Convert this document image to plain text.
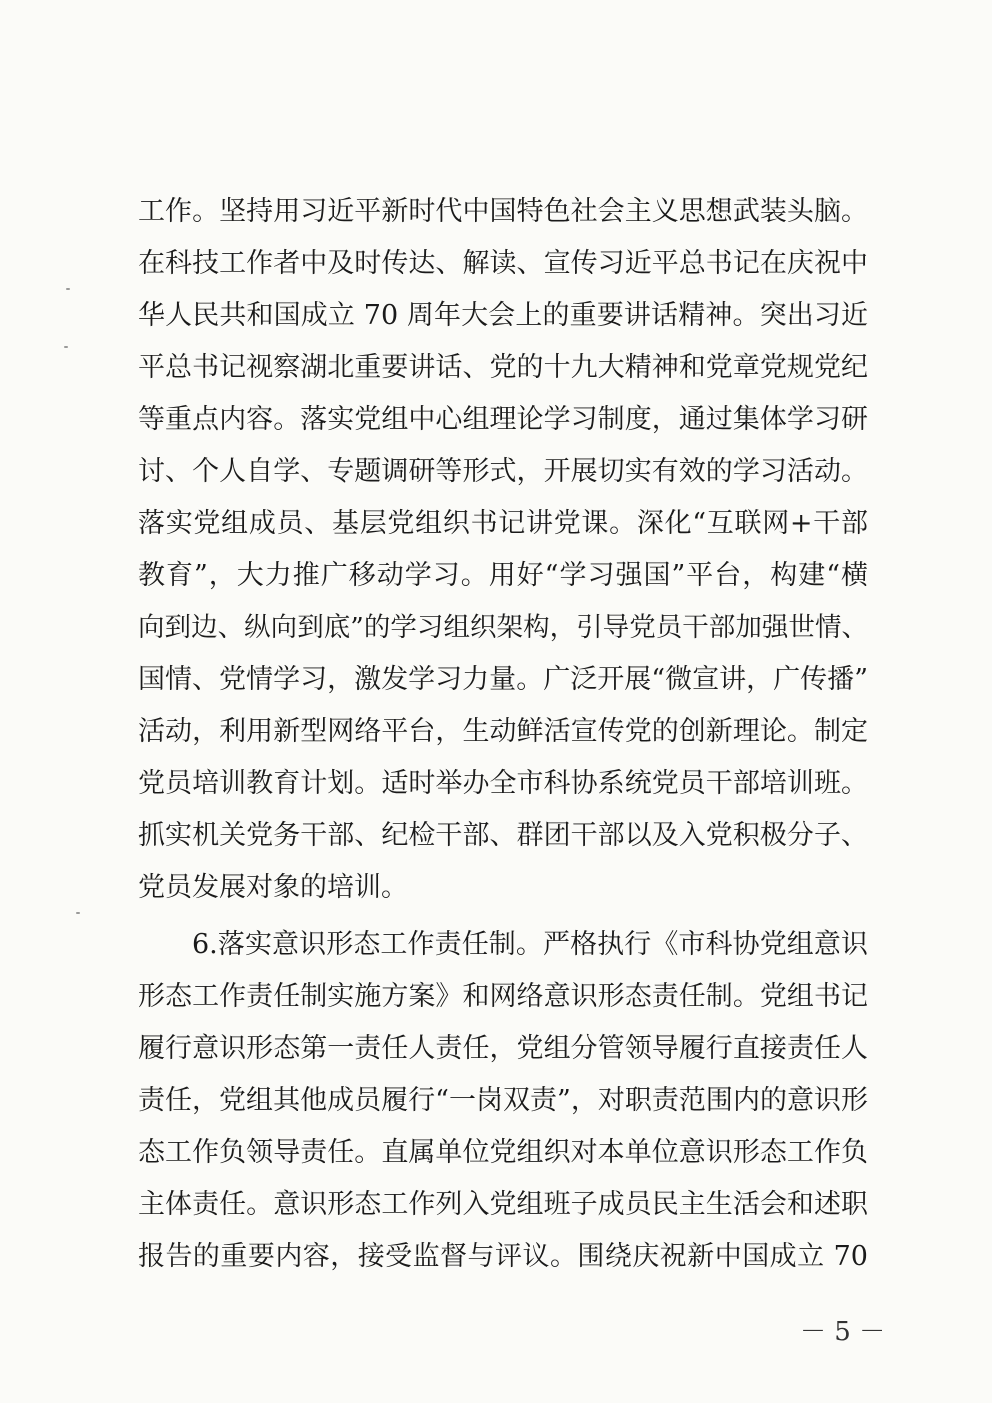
工作。坚持用习近平新时代中国特色社会主义思想武装头脑。
在科技工作者中及时传达、解读、宣传习近平总书记在庆祝中
华人民共和国成立 70 周年大会上的重要讲话精神。突出习近
平总书记视察湖北重要讲话、党的十九大精神和党章党规党纪
等重点内容。落实党组中心组理论学习制度，通过集体学习研
讨、个人自学、专题调研等形式，开展切实有效的学习活动。
落实党组成员、基层党组织书记讲党课。深化“互联网+干部
教育”，大力推广移动学习。用好“学习强国”平台，构建“横
向到边、纵向到底”的学习组织架构，引导党员干部加强世情、
国情、党情学习，激发学习力量。广泛开展“微宣讲，广传播”
活动，利用新型网络平台，生动鲜活宣传党的创新理论。制定
党员培训教育计划。适时举办全市科协系统党员干部培训班。
抓实机关党务干部、纪检干部、群团干部以及入党积极分子、
党员发展对象的培训。
6.落实意识形态工作责任制。严格执行《市科协党组意识
形态工作责任制实施方案》和网络意识形态责任制。党组书记
履行意识形态第一责任人责任，党组分管领导履行直接责任人
责任，党组其他成员履行“一岗双责”，对职责范围内的意识形
态工作负领导责任。直属单位党组织对本单位意识形态工作负
主体责任。意识形态工作列入党组班子成员民主生活会和述职
报告的重要内容，接受监督与评议。围绕庆祝新中国成立 70
－ 5 －
